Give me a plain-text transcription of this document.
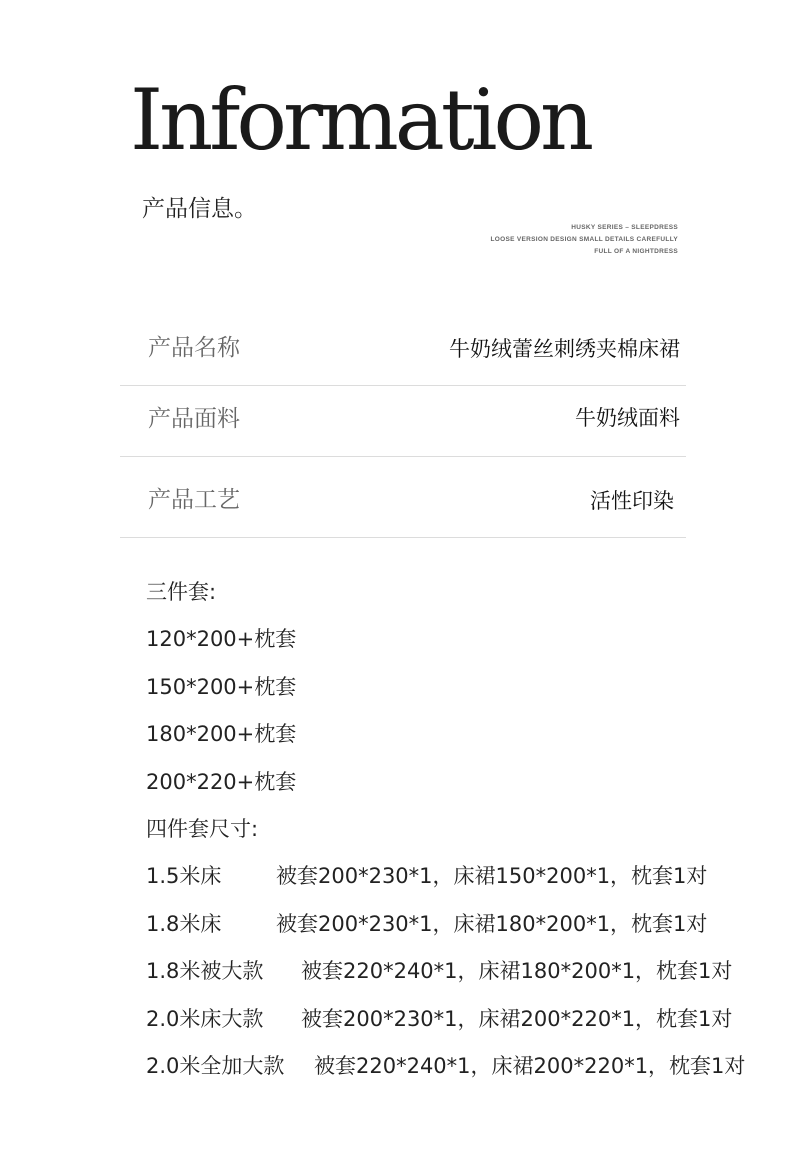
Information
产品信息。
HUSKY SERIES – SLEEPDRESS
LOOSE VERSION DESIGN SMALL DETAILS CAREFULLY
FULL OF A NIGHTDRESS
产品名称	牛奶绒蕾丝刺绣夹棉床裙
产品面料	牛奶绒面料
产品工艺	活性印染
三件套:
120*200+枕套
150*200+枕套
180*200+枕套
200*220+枕套
四件套尺寸:
1.5米床	被套200*230*1，床裙150*200*1，枕套1对
1.8米床	被套200*230*1，床裙180*200*1，枕套1对
1.8米被大款 被套220*240*1，床裙180*200*1，枕套1对
2.0米床大款 被套200*230*1，床裙200*220*1，枕套1对
2.0米全加大款 被套220*240*1，床裙200*220*1，枕套1对
